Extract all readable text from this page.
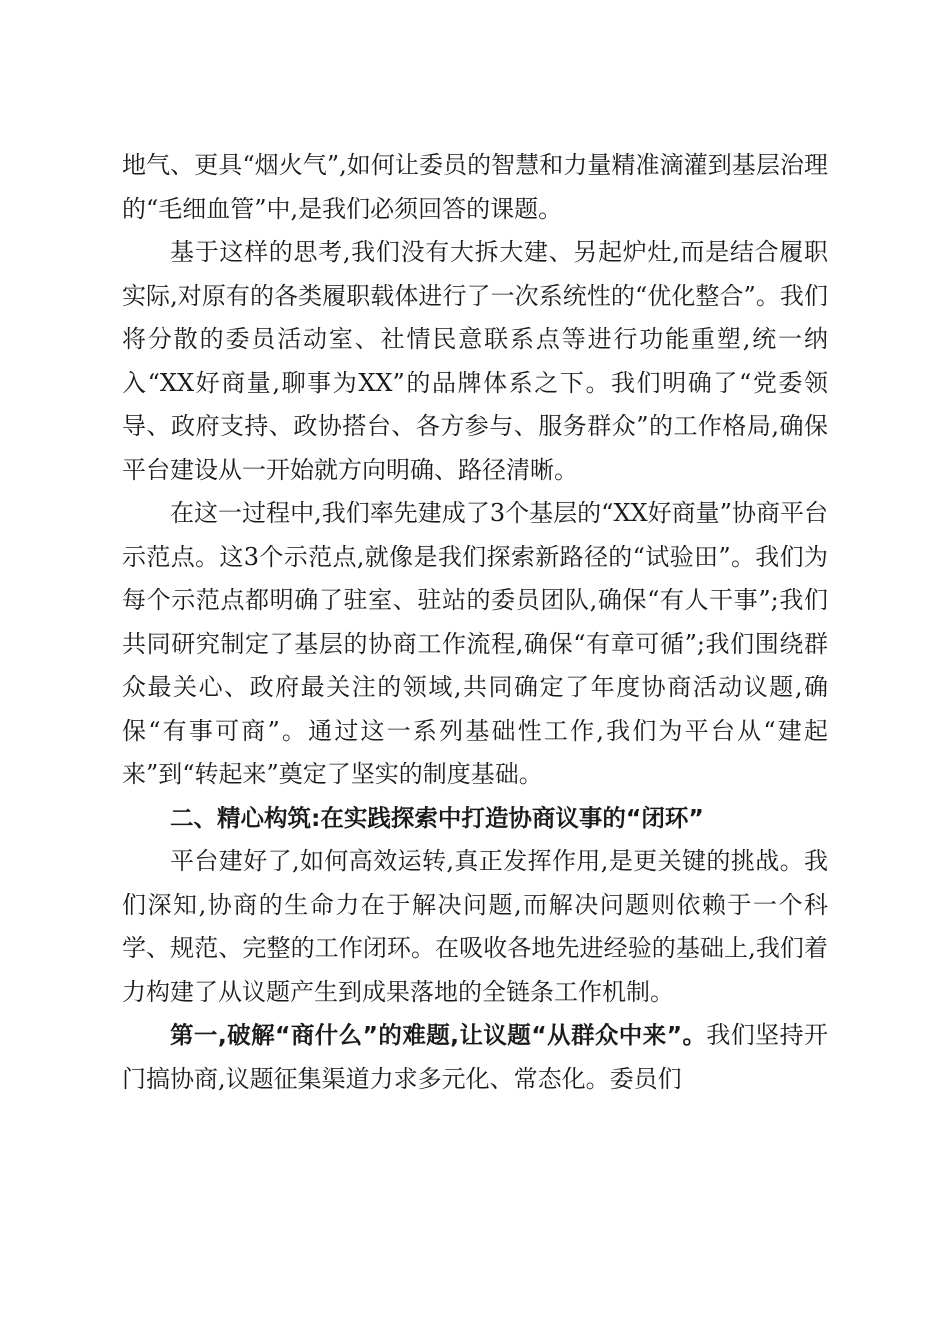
地气、更具“烟火气”,如何让委员的智慧和力量精准滴灌到基层治理的“毛细血管”中,是我们必须回答的课题。

基于这样的思考,我们没有大拆大建、另起炉灶,而是结合履职实际,对原有的各类履职载体进行了一次系统性的“优化整合”。我们将分散的委员活动室、社情民意联系点等进行功能重塑,统一纳入“XX好商量,聊事为XX”的品牌体系之下。我们明确了“党委领导、政府支持、政协搭台、各方参与、服务群众”的工作格局,确保平台建设从一开始就方向明确、路径清晰。

在这一过程中,我们率先建成了3个基层的“XX好商量”协商平台示范点。这3个示范点,就像是我们探索新路径的“试验田”。我们为每个示范点都明确了驻室、驻站的委员团队,确保“有人干事”;我们共同研究制定了基层的协商工作流程,确保“有章可循”;我们围绕群众最关心、政府最关注的领域,共同确定了年度协商活动议题,确保“有事可商”。通过这一系列基础性工作,我们为平台从“建起来”到“转起来”奠定了坚实的制度基础。

二、精心构筑:在实践探索中打造协商议事的“闭环”

平台建好了,如何高效运转,真正发挥作用,是更关键的挑战。我们深知,协商的生命力在于解决问题,而解决问题则依赖于一个科学、规范、完整的工作闭环。在吸收各地先进经验的基础上,我们着力构建了从议题产生到成果落地的全链条工作机制。

第一,破解“商什么”的难题,让议题“从群众中来”。我们坚持开门搞协商,议题征集渠道力求多元化、常态化。委员们
